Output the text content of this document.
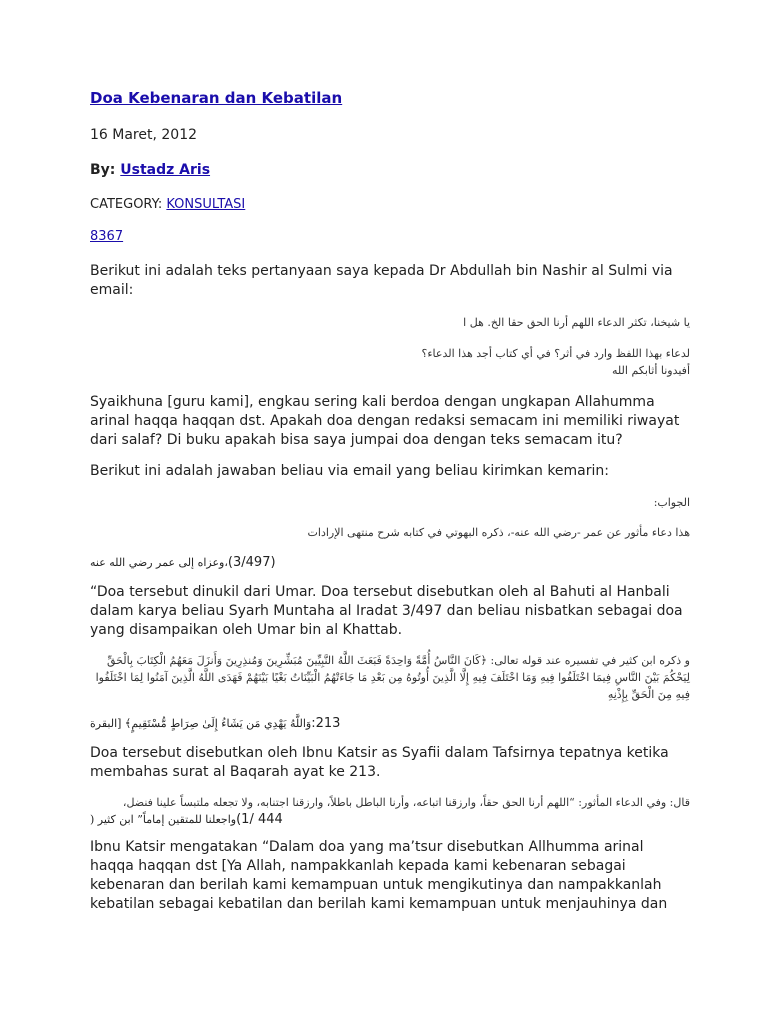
Doa Kebenaran dan Kebatilan

16 Maret, 2012

By: Ustadz Aris

CATEGORY: KONSULTASI

8367

Berikut ini adalah teks pertanyaan saya kepada Dr Abdullah bin Nashir al Sulmi via email:

يا شيخنا، تكثر الدعاء اللهم أرنا الحق حقا الخ. هل ا

لدعاء بهذا اللفظ وارد في أثر؟ في أي كتاب أجد هذا الدعاء؟

أفيدونا أثابكم الله

Syaikhuna [guru kami], engkau sering kali berdoa dengan ungkapan Allahumma arinal haqqa haqqan dst. Apakah doa dengan redaksi semacam ini memiliki riwayat dari salaf? Di buku apakah bisa saya jumpai doa dengan teks semacam itu?

Berikut ini adalah jawaban beliau via email yang beliau kirimkan kemarin:

الجواب:

هذا دعاء مأثور عن عمر -رضي الله عنه-، ذكره البهوتي في كتابه شرح منتهى الإرادات

(3/497)،وعزاه إلى عمر رضي الله عنه

“Doa tersebut dinukil dari Umar. Doa tersebut disebutkan oleh al Bahuti al Hanbali dalam karya beliau Syarh Muntaha al Iradat 3/497 dan beliau nisbatkan sebagai doa yang disampaikan oleh Umar bin al Khattab.

و ذكره ابن كثير في تفسيره عند قوله تعالى: ﴿كَانَ النَّاسُ أُمَّةً وَاحِدَةً فَبَعَثَ اللَّهُ النَّبِيِّينَ مُبَشِّرِينَ وَمُنذِرِينَ وَأَنزَلَ مَعَهُمُ الْكِتَابَ بِالْحَقِّ لِيَحْكُمَ بَيْنَ النَّاسِ فِيمَا اخْتَلَفُوا فِيهِ وَمَا اخْتَلَفَ فِيهِ إِلَّا الَّذِينَ أُوتُوهُ مِن بَعْدِ مَا جَاءَتْهُمُ الْبَيِّنَاتُ بَغْيًا بَيْنَهُمْ فَهَدَى اللَّهُ الَّذِينَ آمَنُوا لِمَا اخْتَلَفُوا فِيهِ مِنَ الْحَقِّ بِإِذْنِهِ

213:وَاللَّهُ يَهْدِي مَن يَشَاءُ إِلَىٰ صِرَاطٍ مُّسْتَقِيمٍ﴾ [البقرة

Doa tersebut disebutkan oleh Ibnu Katsir as Syafii dalam Tafsirnya tepatnya ketika membahas surat al Baqarah ayat ke 213.

قال: وفي الدعاء المأثور: “اللهم أرنا الحق حقاً، وارزقنا اتباعه، وأرنا الباطل باطلاً، وارزقنا اجتنابه، ولا تجعله ملتبساً علينا فنضل،

444 /1)واجعلنا للمتقين إماماً” ابن كثير (

Ibnu Katsir mengatakan “Dalam doa yang ma’tsur disebutkan Allhumma arinal haqqa haqqan dst [Ya Allah, nampakkanlah kepada kami kebenaran sebagai kebenaran dan berilah kami kemampuan untuk mengikutinya dan nampakkanlah kebatilan sebagai kebatilan dan berilah kami kemampuan untuk menjauhinya dan
